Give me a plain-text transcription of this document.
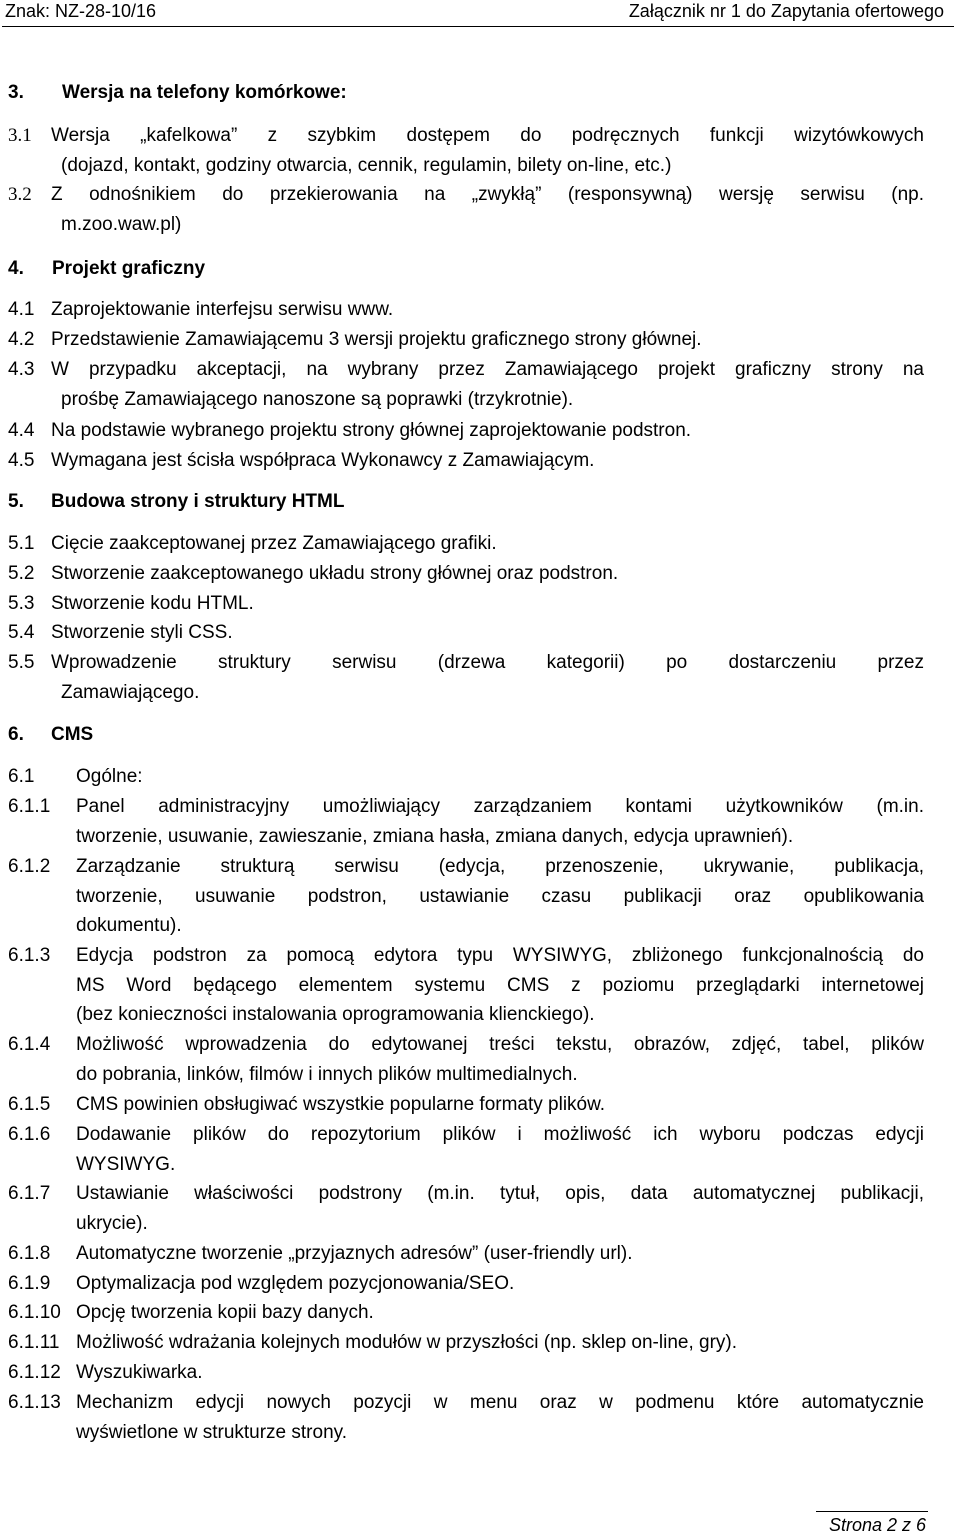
Znak: NZ-28-10/16	Załącznik nr 1 do Zapytania ofertowego
3. Wersja na telefony komórkowe:
3.1 Wersja „kafelkowa” z szybkim dostępem do podręcznych funkcji wizytówkowych
(dojazd, kontakt, godziny otwarcia, cennik, regulamin, bilety on-line, etc.)
3.2 Z odnośnikiem do przekierowania na „zwykłą” (responsywną) wersję serwisu (np.
m.zoo.waw.pl)
4. Projekt graficzny
4.1 Zaprojektowanie interfejsu serwisu www.
4.2 Przedstawienie Zamawiającemu 3 wersji projektu graficznego strony głównej.
4.3 W przypadku akceptacji, na wybrany przez Zamawiającego projekt graficzny strony na
prośbę Zamawiającego nanoszone są poprawki (trzykrotnie).
4.4 Na podstawie wybranego projektu strony głównej zaprojektowanie podstron.
4.5 Wymagana jest ścisła współpraca Wykonawcy z Zamawiającym.
5. Budowa strony i struktury HTML
5.1 Cięcie zaakceptowanej przez Zamawiającego grafiki.
5.2 Stworzenie zaakceptowanego układu strony głównej oraz podstron.
5.3 Stworzenie kodu HTML.
5.4 Stworzenie styli CSS.
5.5 Wprowadzenie struktury serwisu (drzewa kategorii) po dostarczeniu przez
Zamawiającego.
6. CMS
6.1 Ogólne:
6.1.1 Panel administracyjny umożliwiający zarządzaniem kontami użytkowników (m.in.
tworzenie, usuwanie, zawieszanie, zmiana hasła, zmiana danych, edycja uprawnień).
6.1.2 Zarządzanie strukturą serwisu (edycja, przenoszenie, ukrywanie, publikacja,
tworzenie, usuwanie podstron, ustawianie czasu publikacji oraz opublikowania
dokumentu).
6.1.3 Edycja podstron za pomocą edytora typu WYSIWYG, zbliżonego funkcjonalnością do
MS Word będącego elementem systemu CMS z poziomu przeglądarki internetowej
(bez konieczności instalowania oprogramowania klienckiego).
6.1.4 Możliwość wprowadzenia do edytowanej treści tekstu, obrazów, zdjęć, tabel, plików
do pobrania, linków, filmów i innych plików multimedialnych.
6.1.5 CMS powinien obsługiwać wszystkie popularne formaty plików.
6.1.6 Dodawanie plików do repozytorium plików i możliwość ich wyboru podczas edycji
WYSIWYG.
6.1.7 Ustawianie właściwości podstrony (m.in. tytuł, opis, data automatycznej publikacji,
ukrycie).
6.1.8 Automatyczne tworzenie „przyjaznych adresów” (user-friendly url).
6.1.9 Optymalizacja pod względem pozycjonowania/SEO.
6.1.10 Opcję tworzenia kopii bazy danych.
6.1.11 Możliwość wdrażania kolejnych modułów w przyszłości (np. sklep on-line, gry).
6.1.12 Wyszukiwarka.
6.1.13 Mechanizm edycji nowych pozycji w menu oraz w podmenu które automatycznie
wyświetlone w strukturze strony.
Strona 2 z 6
